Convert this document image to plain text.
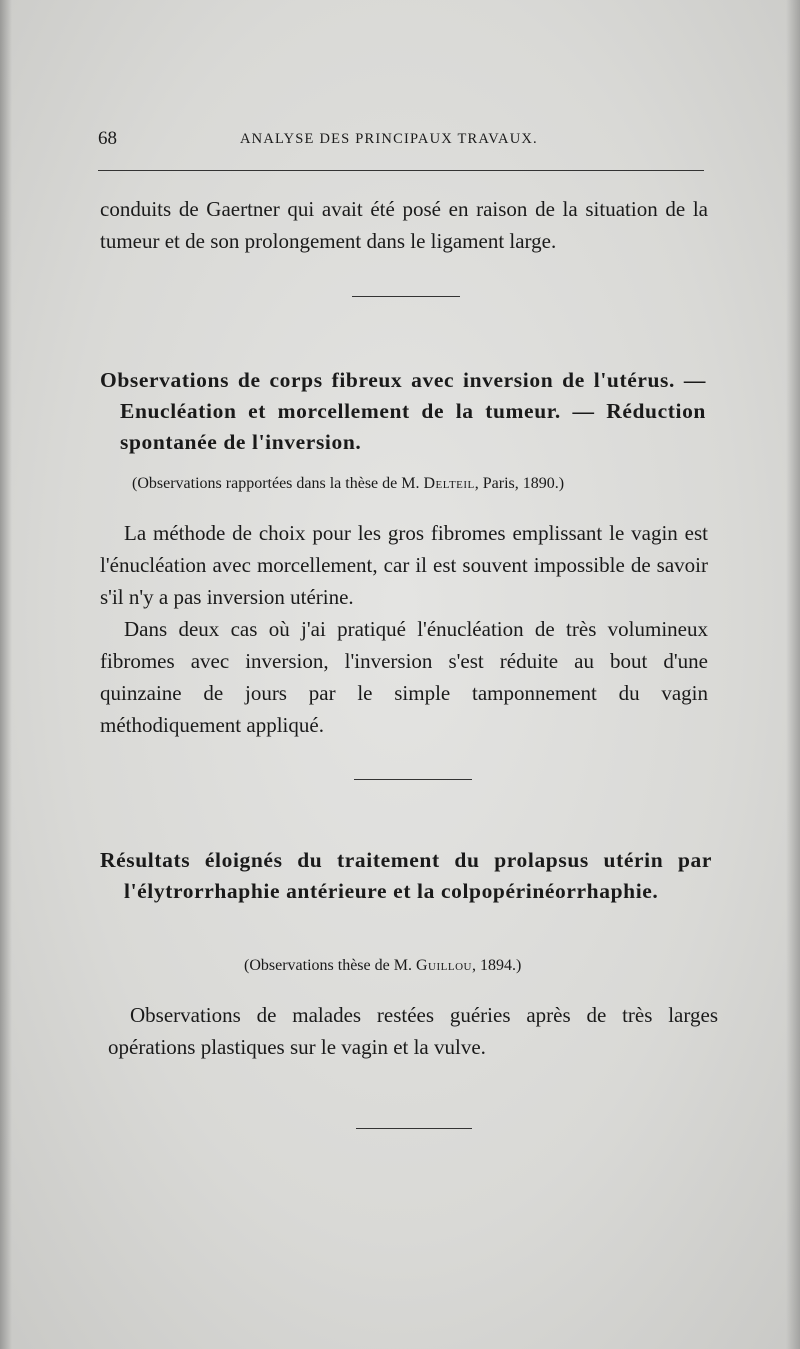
68	ANALYSE DES PRINCIPAUX TRAVAUX.
conduits de Gaertner qui avait été posé en raison de la situation de la tumeur et de son prolongement dans le ligament large.
Observations de corps fibreux avec inversion de l'utérus. — Enucléation et morcellement de la tumeur. — Réduction spontanée de l'inversion.
(Observations rapportées dans la thèse de M. Delteil, Paris, 1890.)

La méthode de choix pour les gros fibromes emplissant le vagin est l'énucléation avec morcellement, car il est souvent impossible de savoir s'il n'y a pas inversion utérine.

Dans deux cas où j'ai pratiqué l'énucléation de très volumineux fibromes avec inversion, l'inversion s'est réduite au bout d'une quinzaine de jours par le simple tamponnement du vagin méthodiquement appliqué.

Résultats éloignés du traitement du prolapsus utérin par l'élytrorrhaphie antérieure et la colpopérinéorrhaphie.
(Observations thèse de M. Guillou, 1894.)

Observations de malades restées guéries après de très larges opérations plastiques sur le vagin et la vulve.
